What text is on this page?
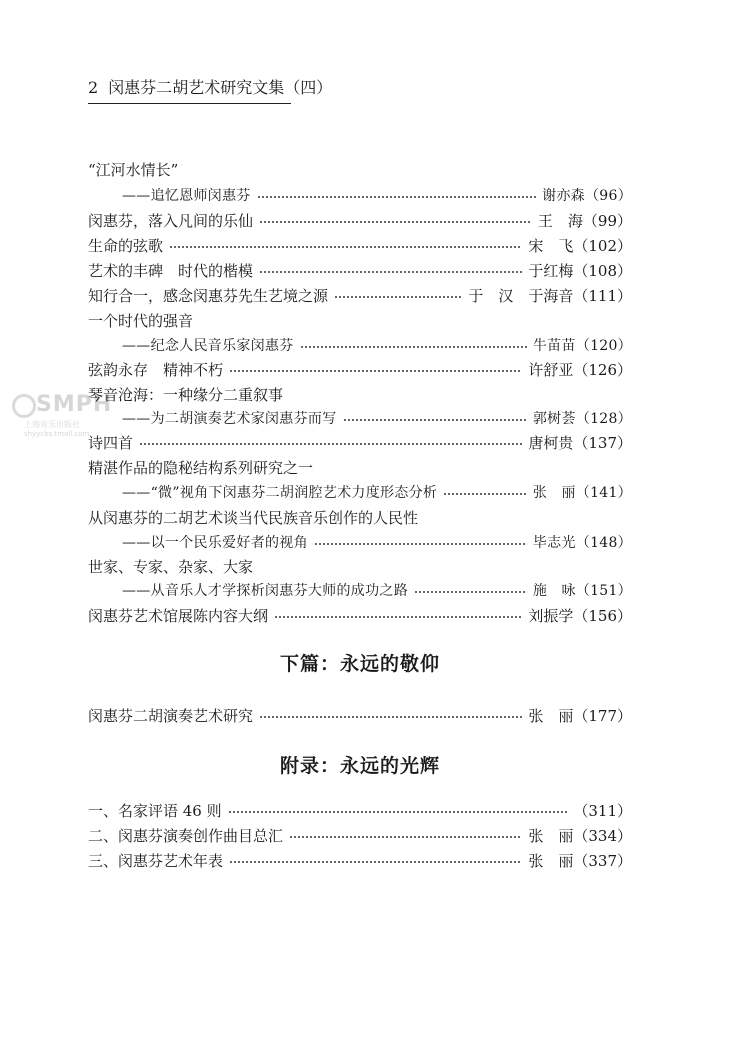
2 闵惠芬二胡艺术研究文集（四）
SMPH
上海音乐出版社
shyycbs.tmall.com
“江河水情长”
——追忆恩师闵惠芬	谢亦森 （96）
闵惠芬，落入凡间的乐仙	王　海 （99）
生命的弦歌	宋　飞 （102）
艺术的丰碑　时代的楷模	于红梅 （108）
知行合一，感念闵惠芬先生艺境之源	于　汉　于海音 （111）
一个时代的强音
——纪念人民音乐家闵惠芬	牛苗苗 （120）
弦韵永存　精神不朽	许舒亚 （126）
琴音沧海：一种缘分二重叙事
——为二胡演奏艺术家闵惠芬而写	郭树荟 （128）
诗四首	唐柯贵 （137）
精湛作品的隐秘结构系列研究之一
——“微”视角下闵惠芬二胡润腔艺术力度形态分析	张　丽 （141）
从闵惠芬的二胡艺术谈当代民族音乐创作的人民性
——以一个民乐爱好者的视角	毕志光 （148）
世家、专家、杂家、大家
——从音乐人才学探析闵惠芬大师的成功之路	施　咏 （151）
闵惠芬艺术馆展陈内容大纲	刘振学 （156）
下篇：永远的敬仰
闵惠芬二胡演奏艺术研究	张　丽 （177）
附录：永远的光辉
一、名家评语 46 则	（311）
二、闵惠芬演奏创作曲目总汇	张　丽 （334）
三、闵惠芬艺术年表	张　丽 （337）
